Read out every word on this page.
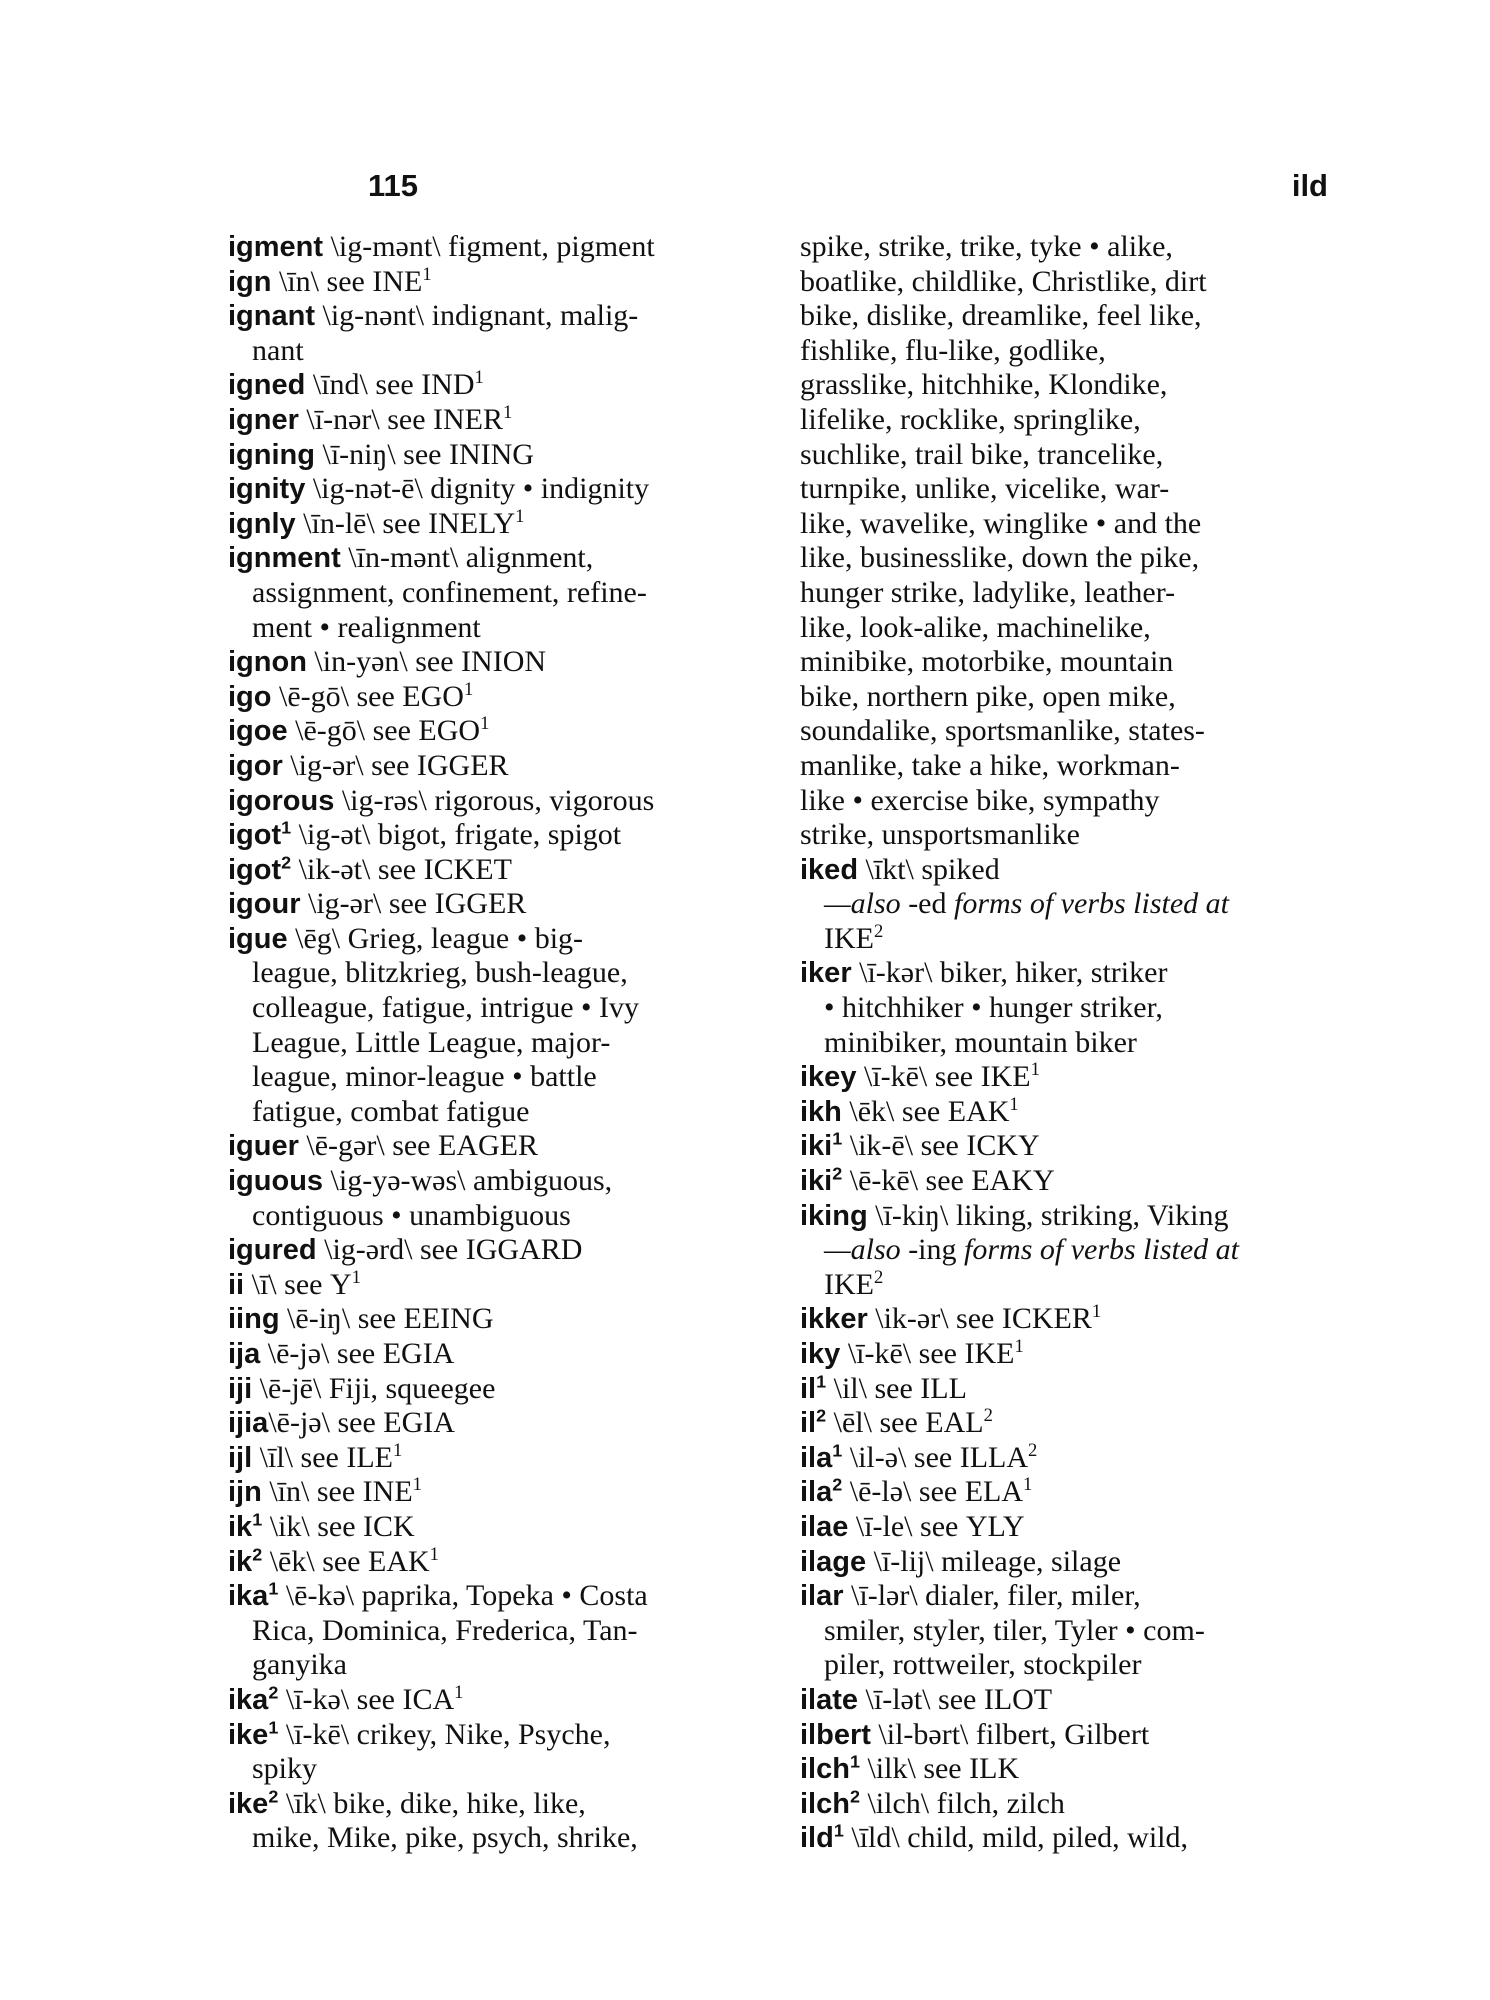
115	ild
igment \ig-mənt\ figment, pigment
ign \īn\ see INE$^1$
ignant \ig-nənt\ indignant, malig-
nant
igned \īnd\ see IND$^1$
igner \ī-nər\ see INER$^1$
igning \ī-niŋ\ see INING
ignity \ig-nət-ē\ dignity • indignity
ignly \īn-lē\ see INELY$^1$
ignment \īn-mənt\ alignment,
assignment, confinement, refine-
ment • realignment
ignon \in-yən\ see INION
igo \ē-gō\ see EGO$^1$
igoe \ē-gō\ see EGO$^1$
igor \ig-ər\ see IGGER
igorous \ig-rəs\ rigorous, vigorous
igot$^1$ \ig-ət\ bigot, frigate, spigot
igot$^2$ \ik-ət\ see ICKET
igour \ig-ər\ see IGGER
igue \ēg\ Grieg, league • big-
league, blitzkrieg, bush-league,
colleague, fatigue, intrigue • Ivy
League, Little League, major-
league, minor-league • battle
fatigue, combat fatigue
iguer \ē-gər\ see EAGER
iguous \ig-yə-wəs\ ambiguous,
contiguous • unambiguous
igured \ig-ərd\ see IGGARD
ii \ī\ see $Y^1$
iing \ē-iŋ\ see EEING
ija \ē-jə\ see EGIA
iji \ē-jē\ Fiji, squeegee
ijia\ē-jə\ see EGIA
ijl \īl\ see ILE$^1$
ijn \īn\ see INE$^1$
$ik^1$ \ik\ see ICK
$ik^2$ \ēk\ see EAK$^1$
ika$^1$ \ē-kə\ paprika, Topeka • Costa
Rica, Dominica, Frederica, Tan-
ganyika
ika$^2$ \ī-kə\ see ICA$^1$
ike$^1$ \ī-kē\ crikey, Nike, Psyche,
spiky
ike$^2$ \īk\ bike, dike, hike, like,
mike, Mike, pike, psych, shrike,
spike, strike, trike, tyke • alike,
boatlike, childlike, Christlike, dirt
bike, dislike, dreamlike, feel like,
fishlike, flu-like, godlike,
grasslike, hitchhike, Klondike,
lifelike, rocklike, springlike,
suchlike, trail bike, trancelike,
turnpike, unlike, vicelike, war-
like, wavelike, winglike • and the
like, businesslike, down the pike,
hunger strike, ladylike, leather-
like, look-alike, machinelike,
minibike, motorbike, mountain
bike, northern pike, open mike,
soundalike, sportsmanlike, states-
manlike, take a hike, workman-
like • exercise bike, sympathy
strike, unsportsmanlike
iked \īkt\ spiked
—also -ed forms of verbs listed at
IKE$^2$
iker \ī-kər\ biker, hiker, striker
• hitchhiker • hunger striker,
minibiker, mountain biker
ikey \ī-kē\ see IKE$^1$
ikh \ēk\ see EAK$^1$
iki$^1$ \ik-ē\ see ICKY
iki$^2$ \ē-kē\ see EAKY
iking \ī-kiŋ\ liking, striking, Viking
—also -ing forms of verbs listed at
IKE$^2$
ikker \ik-ər\ see ICKER$^1$
iky \ī-kē\ see IKE$^1$
$il^1$ \il\ see ILL
$il^2$ \ēl\ see EAL$^2$
ila$^1$ \il-ə\ see ILLA$^2$
ila$^2$ \ē-lə\ see ELA$^1$
ilae \ī-le\ see YLY
ilage \ī-lij\ mileage, silage
ilar \ī-lər\ dialer, filer, miler,
smiler, styler, tiler, Tyler • com-
piler, rottweiler, stockpiler
ilate \ī-lət\ see ILOT
ilbert \il-bərt\ filbert, Gilbert
ilch$^1$ \ilk\ see ILK
ilch$^2$ \ilch\ filch, zilch
ild$^1$ \īld\ child, mild, piled, wild,
